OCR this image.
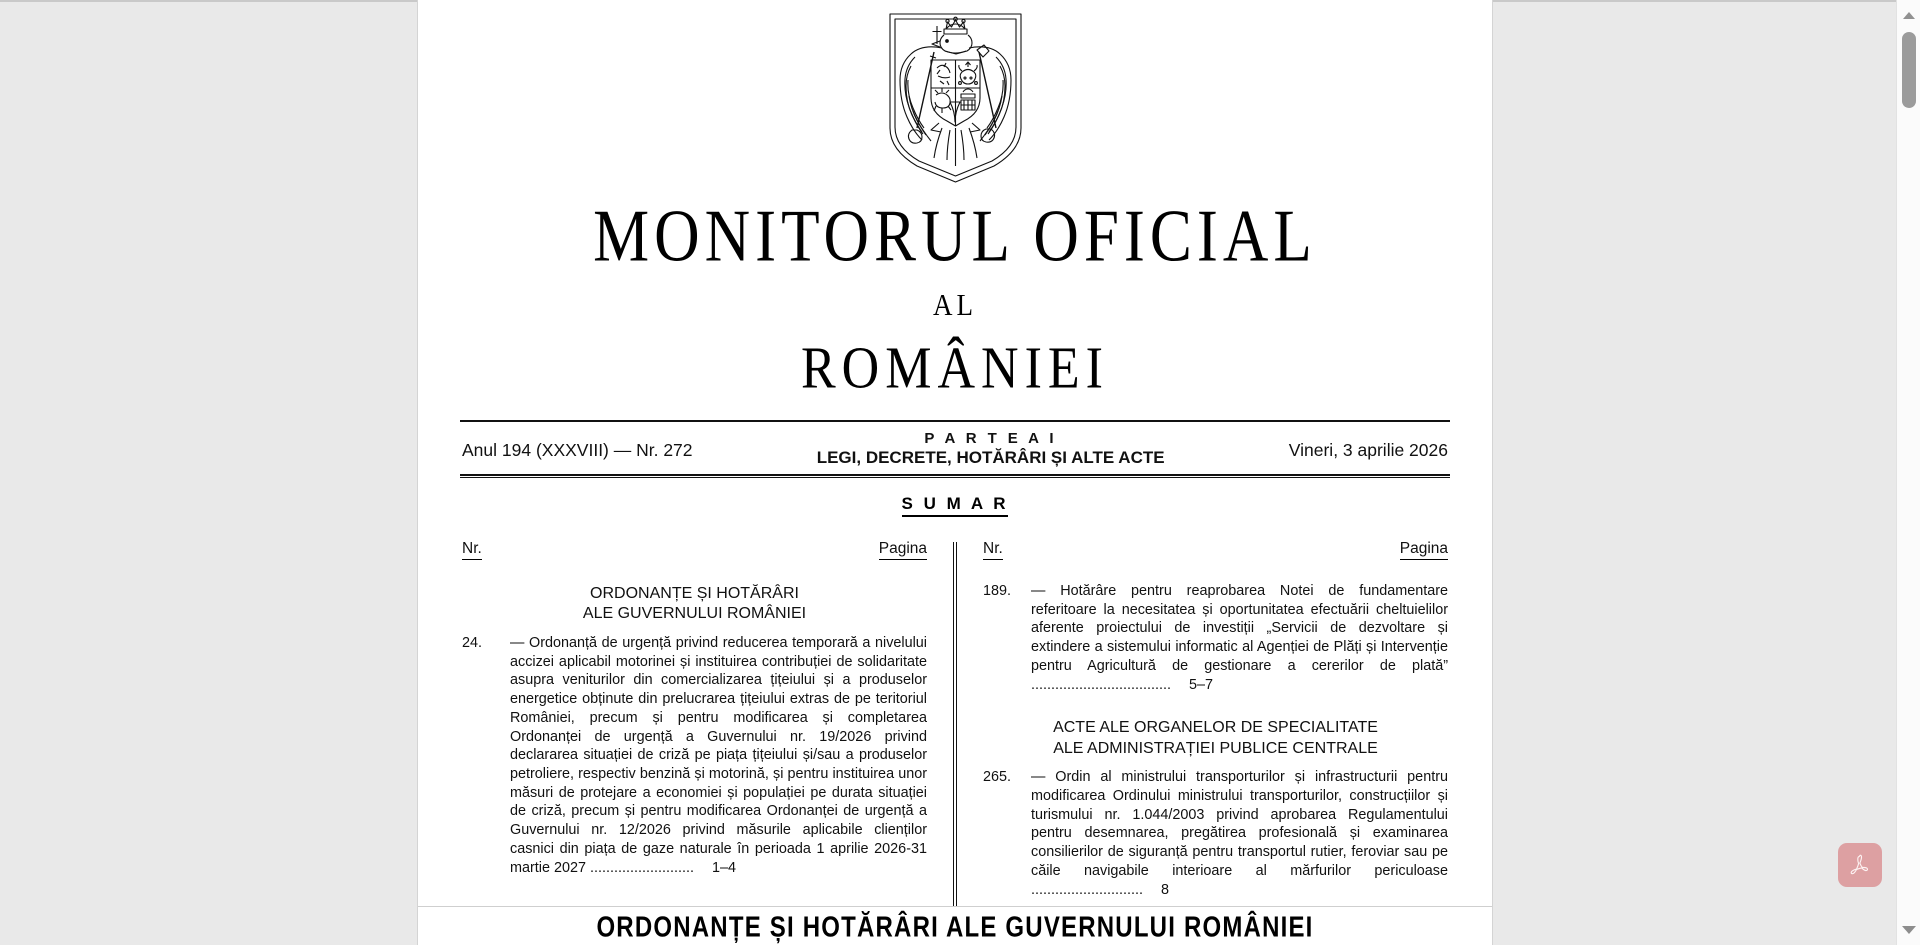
MONITORUL OFICIAL
AL
ROMÂNIEI
Anul 194 (XXXVIII) — Nr. 272
P A R T E A I
LEGI, DECRETE, HOTĂRÂRI ȘI ALTE ACTE	Vineri, 3 aprilie 2026
S U M A R
Nr.	Pagina
ORDONANȚE ȘI HOTĂRÂRI
ALE GUVERNULUI ROMÂNIEI
24.	— Ordonanță de urgență privind reducerea temporară a nivelului accizei aplicabil motorinei și instituirea contribuției de solidaritate asupra veniturilor din comercializarea țițeiului și a produselor energetice obținute din prelucrarea țițeiului extras de pe teritoriul României, precum și pentru modificarea și completarea Ordonanței de urgență a Guvernului nr. 19/2026 privind declararea situației de criză pe piața țițeiului și/sau a produselor petroliere, respectiv benzină și motorină, și pentru instituirea unor măsuri de protejare a economiei și populației pe durata situației de criză, precum și pentru modificarea Ordonanței de urgență a Guvernului nr. 12/2026 privind măsurile aplicabile clienților casnici din piața de gaze naturale în perioada 1 aprilie 2026-31 martie 2027 .......................... 1–4
Nr.	Pagina
189.	— Hotărâre pentru reaprobarea Notei de fundamentare referitoare la necesitatea și oportunitatea efectuării cheltuielilor aferente proiectului de investiții „Servicii de dezvoltare și extindere a sistemului informatic al Agenției de Plăți și Intervenție pentru Agricultură de gestionare a cererilor de plată” ................................... 5–7
ACTE ALE ORGANELOR DE SPECIALITATE
ALE ADMINISTRAȚIEI PUBLICE CENTRALE
265.	— Ordin al ministrului transporturilor și infrastructurii pentru modificarea Ordinului ministrului transporturilor, construcțiilor și turismului nr. 1.044/2003 privind aprobarea Regulamentului pentru desemnarea, pregătirea profesională și examinarea consilierilor de siguranță pentru transportul rutier, feroviar sau pe căile navigabile interioare al mărfurilor periculoase ............................ 8
ORDONANȚE ȘI HOTĂRÂRI ALE GUVERNULUI ROMÂNIEI
